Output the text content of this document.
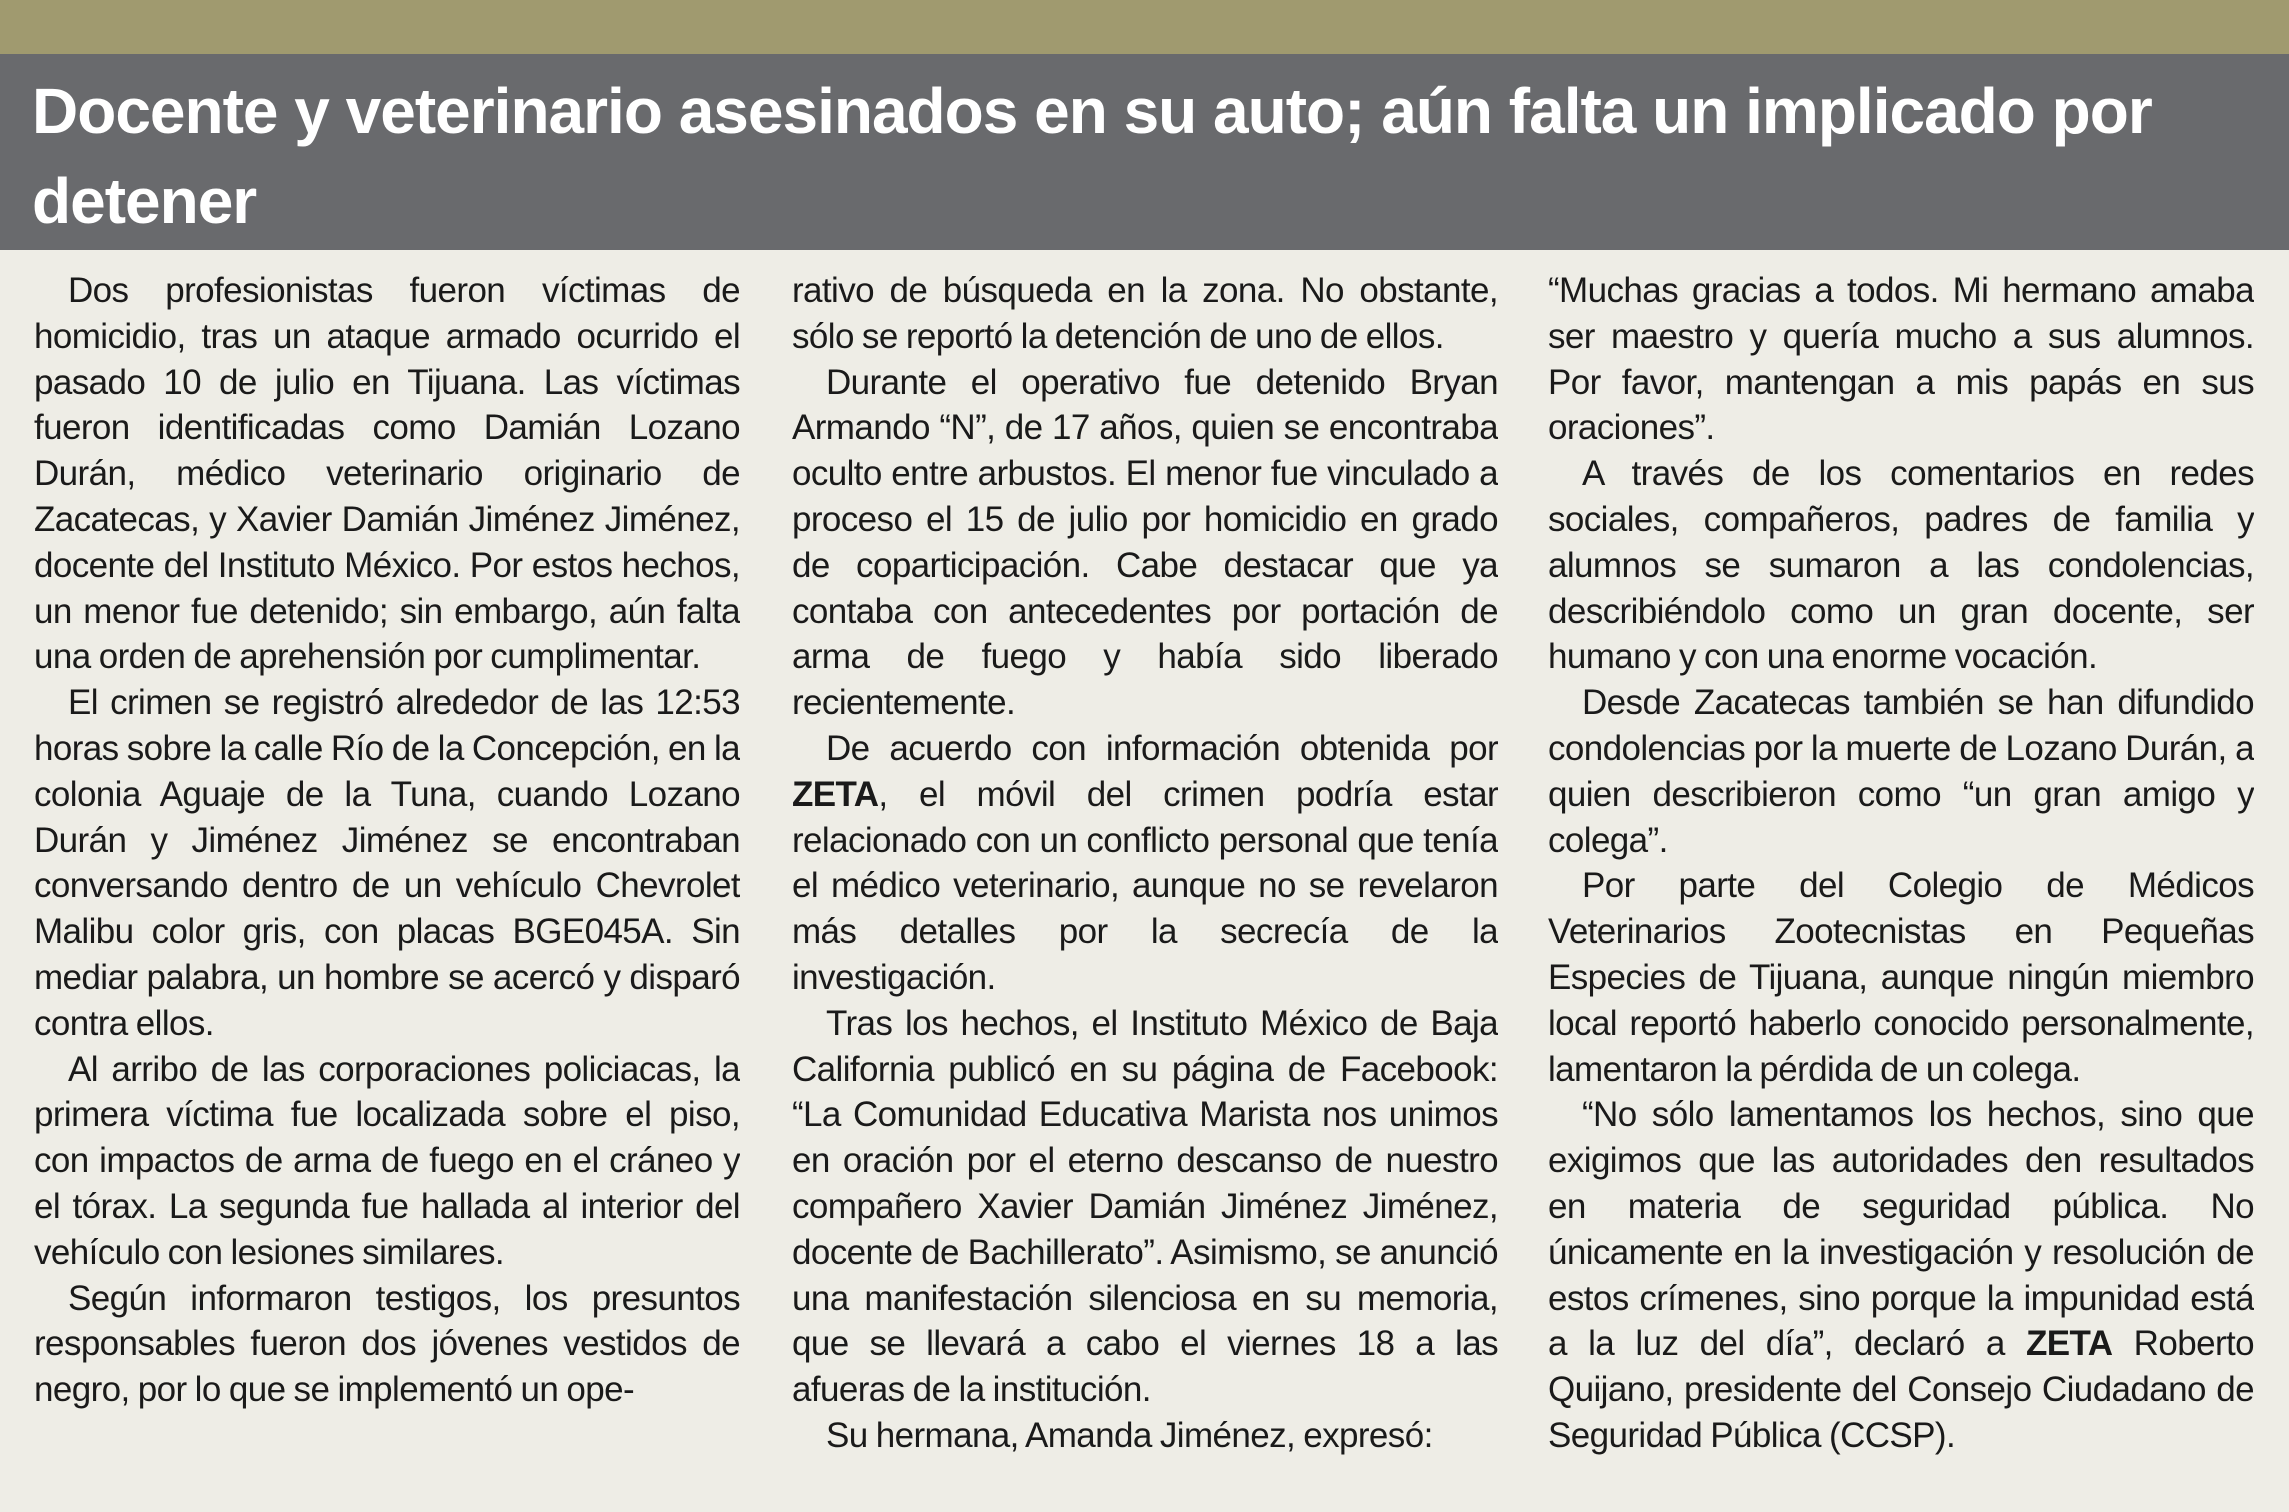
Docente y veterinario asesinados en su auto; aún falta un implicado por detener

Dos profesionistas fueron víctimas de homicidio, tras un ataque armado ocurrido el pasado 10 de julio en Tijuana. Las víctimas fueron identificadas como Damián Lozano Durán, médico veterinario originario de Zacatecas, y Xavier Damián Jiménez Jiménez, docente del Instituto México. Por estos hechos, un menor fue detenido; sin embargo, aún falta una orden de aprehensión por cumplimentar.

El crimen se registró alrededor de las 12:53 horas sobre la calle Río de la Concepción, en la colonia Aguaje de la Tuna, cuando Lozano Durán y Jiménez Jiménez se encontraban conversando dentro de un vehículo Chevrolet Malibu color gris, con placas BGE045A. Sin mediar palabra, un hombre se acercó y disparó contra ellos.

Al arribo de las corporaciones policiacas, la primera víctima fue localizada sobre el piso, con impactos de arma de fuego en el cráneo y el tórax. La segunda fue hallada al interior del vehículo con lesiones similares.

Según informaron testigos, los presuntos responsables fueron dos jóvenes vestidos de negro, por lo que se implementó un ope-

rativo de búsqueda en la zona. No obstante, sólo se reportó la detención de uno de ellos.

Durante el operativo fue detenido Bryan Armando “N”, de 17 años, quien se encontraba oculto entre arbustos. El menor fue vinculado a proceso el 15 de julio por homicidio en grado de coparticipación. Cabe destacar que ya contaba con antecedentes por portación de arma de fuego y había sido liberado recientemente.

De acuerdo con información obtenida por ZETA, el móvil del crimen podría estar relacionado con un conflicto personal que tenía el médico veterinario, aunque no se revelaron más detalles por la secrecía de la investigación.

Tras los hechos, el Instituto México de Baja California publicó en su página de Facebook: “La Comunidad Educativa Marista nos unimos en oración por el eterno descanso de nuestro compañero Xavier Damián Jiménez Jiménez, docente de Bachillerato”. Asimismo, se anunció una manifestación silenciosa en su memoria, que se llevará a cabo el viernes 18 a las afueras de la institución.

Su hermana, Amanda Jiménez, expresó:

“Muchas gracias a todos. Mi hermano amaba ser maestro y quería mucho a sus alumnos. Por favor, mantengan a mis papás en sus oraciones”.

A través de los comentarios en redes sociales, compañeros, padres de familia y alumnos se sumaron a las condolencias, describiéndolo como un gran docente, ser humano y con una enorme vocación.

Desde Zacatecas también se han difundido condolencias por la muerte de Lozano Durán, a quien describieron como “un gran amigo y colega”.

Por parte del Colegio de Médicos Veterinarios Zootecnistas en Pequeñas Especies de Tijuana, aunque ningún miembro local reportó haberlo conocido personalmente, lamentaron la pérdida de un colega.

“No sólo lamentamos los hechos, sino que exigimos que las autoridades den resultados en materia de seguridad pública. No únicamente en la investigación y resolución de estos crímenes, sino porque la impunidad está a la luz del día”, declaró a ZETA Roberto Quijano, presidente del Consejo Ciudadano de Seguridad Pública (CCSP).
